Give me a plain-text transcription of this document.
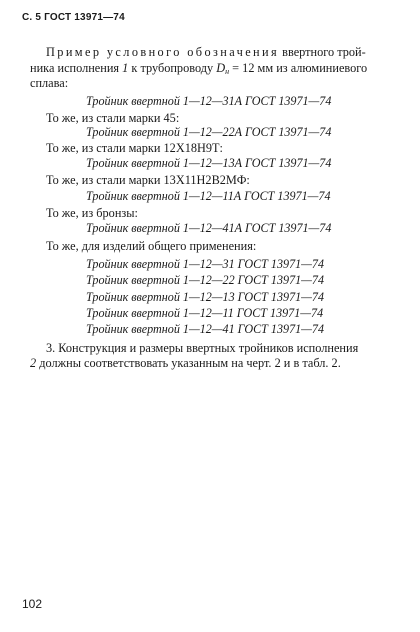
С. 5 ГОСТ 13971—74
Пример условного обозначения ввертного трой-
ника исполнения 1 к трубопроводу $D_н = 12$ мм из алюминиевого
сплава:
Тройник ввертной 1—12—31А ГОСТ 13971—74
То же, из стали марки 45:
Тройник ввертной 1—12—22А ГОСТ 13971—74
То же, из стали марки 12Х18Н9Т:
Тройник ввертной 1—12—13А ГОСТ 13971—74
То же, из стали марки 13Х11Н2В2МФ:
Тройник ввертной 1—12—11А ГОСТ 13971—74
То же, из бронзы:
Тройник ввертной 1—12—41А ГОСТ 13971—74
То же, для изделий общего применения:
Тройник ввертной 1—12—31 ГОСТ 13971—74
Тройник ввертной 1—12—22 ГОСТ 13971—74
Тройник ввертной 1—12—13 ГОСТ 13971—74
Тройник ввертной 1—12—11 ГОСТ 13971—74
Тройник ввертной 1—12—41 ГОСТ 13971—74
3. Конструкция и размеры ввертных тройников исполнения
2 должны соответствовать указанным на черт. 2 и в табл. 2.
102
